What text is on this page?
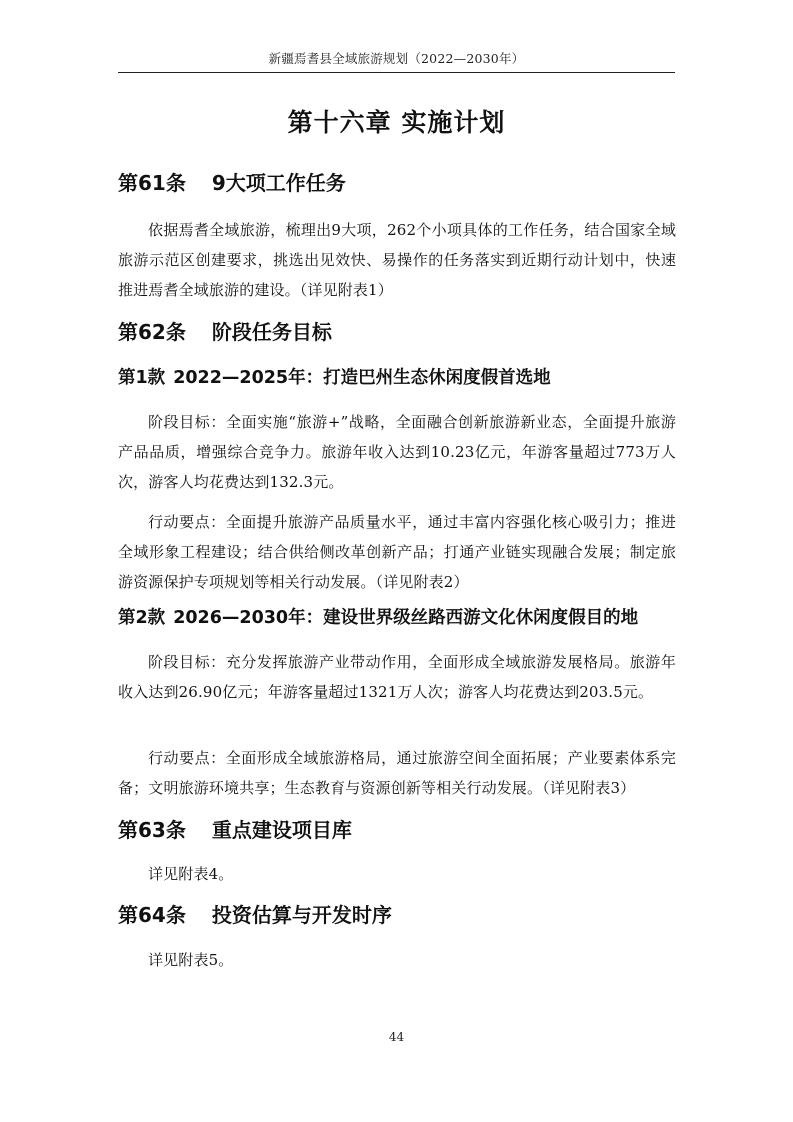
新疆焉耆县全域旅游规划（2022—2030年）
第十六章 实施计划
第61条 9大项工作任务

依据焉耆全域旅游，梳理出9大项，262个小项具体的工作任务，结合国家全域旅游示范区创建要求，挑选出见效快、易操作的任务落实到近期行动计划中，快速推进焉耆全域旅游的建设。（详见附表1）

第62条 阶段任务目标
第1款 2022—2025年：打造巴州生态休闲度假首选地

阶段目标：全面实施“旅游+”战略，全面融合创新旅游新业态，全面提升旅游产品品质，增强综合竞争力。旅游年收入达到10.23亿元，年游客量超过773万人次，游客人均花费达到132.3元。

行动要点：全面提升旅游产品质量水平，通过丰富内容强化核心吸引力；推进全域形象工程建设；结合供给侧改革创新产品；打通产业链实现融合发展；制定旅游资源保护专项规划等相关行动发展。（详见附表2）

第2款 2026—2030年：建设世界级丝路西游文化休闲度假目的地

阶段目标：充分发挥旅游产业带动作用，全面形成全域旅游发展格局。旅游年收入达到26.90亿元；年游客量超过1321万人次；游客人均花费达到203.5元。

行动要点：全面形成全域旅游格局，通过旅游空间全面拓展；产业要素体系完备；文明旅游环境共享；生态教育与资源创新等相关行动发展。（详见附表3）

第63条 重点建设项目库

详见附表4。

第64条 投资估算与开发时序

详见附表5。

44
